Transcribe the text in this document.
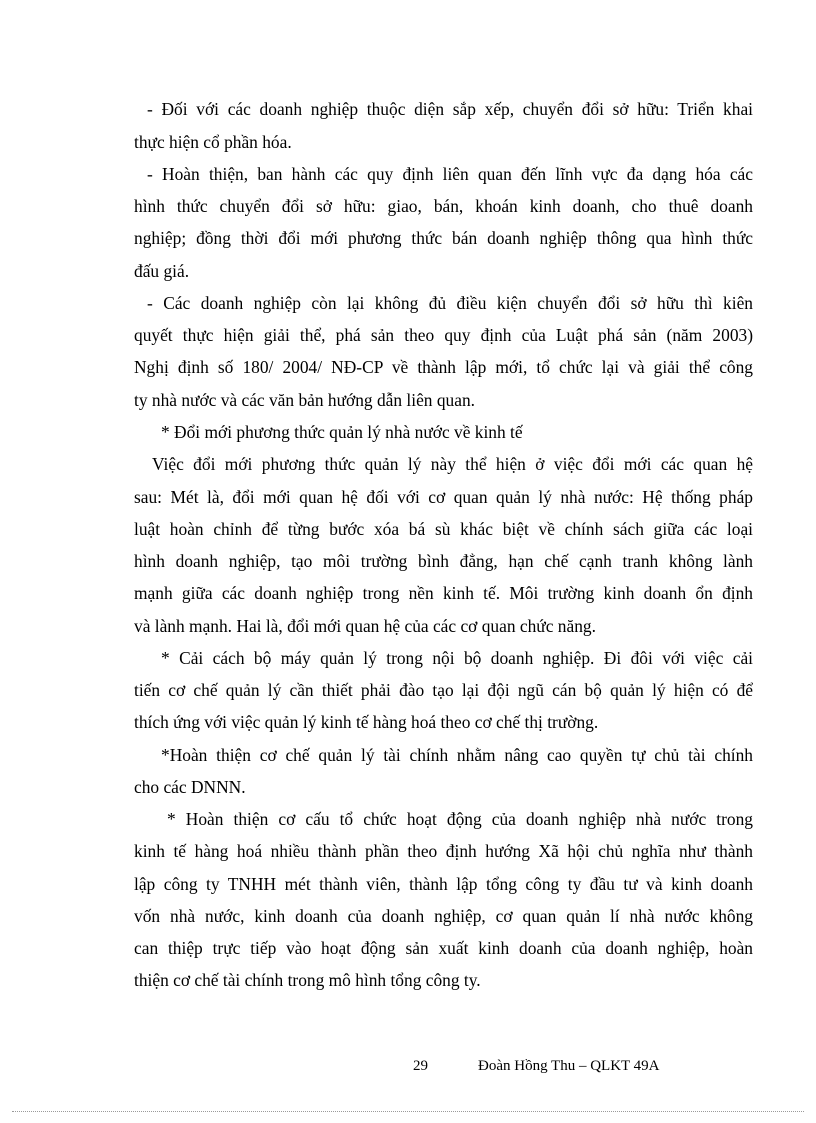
- Đối với các doanh nghiệp thuộc diện sắp xếp, chuyển đổi sở hữu: Triển khai
thực hiện cổ phần hóa.
- Hoàn thiện, ban hành các quy định liên quan đến lĩnh vực đa dạng hóa các
hình thức chuyển đổi sở hữu: giao, bán, khoán kinh doanh, cho thuê doanh
nghiệp; đồng thời đổi mới phương thức bán doanh nghiệp thông qua hình thức
đấu giá.
- Các doanh nghiệp còn lại không đủ điều kiện chuyển đổi sở hữu thì kiên
quyết thực hiện giải thể, phá sản theo quy định của Luật phá sản (năm 2003)
Nghị định số 180/ 2004/ NĐ-CP về thành lập mới, tổ chức lại và giải thể công
ty nhà nước và các văn bản hướng dẫn liên quan.
* Đổi mới phương thức quản lý nhà nước về kinh tế
Việc đổi mới phương thức quản lý này thể hiện ở việc đổi mới các quan hệ
sau: Mét là, đổi mới quan hệ đối với cơ quan quản lý nhà nước: Hệ thống pháp
luật hoàn chỉnh để từng bước xóa bá sù khác biệt về chính sách giữa các loại
hình doanh nghiệp, tạo môi trường bình đẳng, hạn chế cạnh tranh không lành
mạnh giữa các doanh nghiệp trong nền kinh tế. Môi trường kinh doanh ổn định
và lành mạnh. Hai là, đổi mới quan hệ của các cơ quan chức năng.
* Cải cách bộ máy quản lý trong nội bộ doanh nghiệp. Đi đôi với việc cải
tiến cơ chế quản lý cần thiết phải đào tạo lại đội ngũ cán bộ quản lý hiện có để
thích ứng với việc quản lý kinh tế hàng hoá theo cơ chế thị trường.
*Hoàn thiện cơ chế quản lý tài chính nhằm nâng cao quyền tự chủ tài chính
cho các DNNN.
* Hoàn thiện cơ cấu tổ chức hoạt động của doanh nghiệp nhà nước trong
kinh tế hàng hoá nhiều thành phần theo định hướng Xã hội chủ nghĩa như thành
lập công ty TNHH mét thành viên, thành lập tổng công ty đầu tư và kinh doanh
vốn nhà nước, kinh doanh của doanh nghiệp, cơ quan quản lí nhà nước không
can thiệp trực tiếp vào hoạt động sản xuất kinh doanh của doanh nghiệp, hoàn
thiện cơ chế tài chính trong mô hình tổng công ty.
29	Đoàn Hồng Thu – QLKT 49A
